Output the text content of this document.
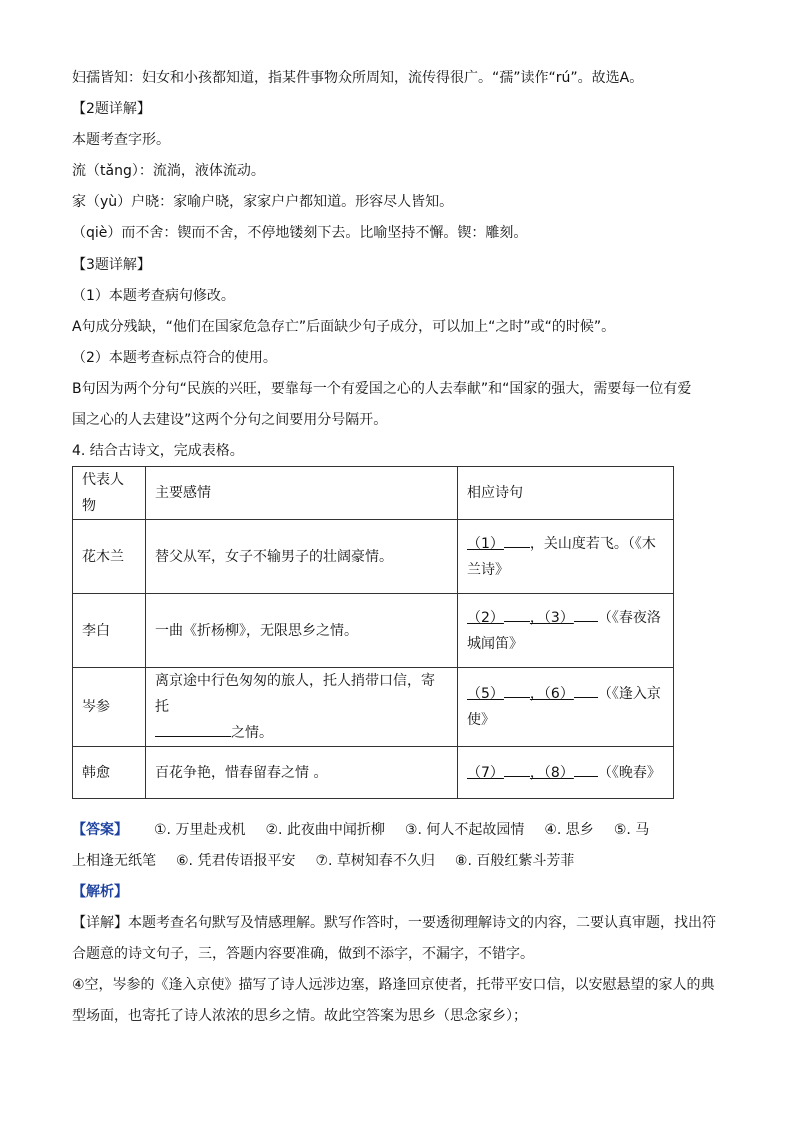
妇孺皆知：妇女和小孩都知道，指某件事物众所周知，流传得很广。“孺”读作“rú”。故选A。
【2题详解】
本题考查字形。
流（tǎng）：流淌，液体流动。
家（yù）户晓：家喻户晓，家家户户都知道。形容尽人皆知。
（qiè）而不舍：锲而不舍，不停地镂刻下去。比喻坚持不懈。锲：雕刻。
【3题详解】
（1）本题考查病句修改。
A句成分残缺，“他们在国家危急存亡”后面缺少句子成分，可以加上“之时”或“的时候”。
（2）本题考查标点符合的使用。
B句因为两个分句“民族的兴旺，要靠每一个有爱国之心的人去奉献”和“国家的强大，需要每一位有爱
国之心的人去建设”这两个分句之间要用分号隔开。
4. 结合古诗文，完成表格。
代表人物	主要感情	相应诗句
花木兰	替父从军，女子不输男子的壮阔豪情。	（1） ，关山度若飞。（《木
兰诗》
李白	一曲《折杨柳》，无限思乡之情。	（2） ，（3） （《春夜洛
城闻笛》
岑参	离京途中行色匆匆的旅人，托人捎带口信，寄托
之情。	（5） ，（6） （《逢入京
使》
韩愈	百花争艳，惜春留春之情 。	（7） ，（8） （《晚春》
【答案】 ①. 万里赴戎机 ②. 此夜曲中闻折柳 ③. 何人不起故园情 ④. 思乡 ⑤. 马
上相逢无纸笔 ⑥. 凭君传语报平安 ⑦. 草树知春不久归 ⑧. 百般红紫斗芳菲
【解析】
【详解】本题考查名句默写及情感理解。默写作答时，一要透彻理解诗文的内容，二要认真审题，找出符
合题意的诗文句子，三，答题内容要准确，做到不添字，不漏字，不错字。
④空，岑参的《逢入京使》描写了诗人远涉边塞，路逢回京使者，托带平安口信，以安慰悬望的家人的典
型场面，也寄托了诗人浓浓的思乡之情。故此空答案为思乡（思念家乡）；
